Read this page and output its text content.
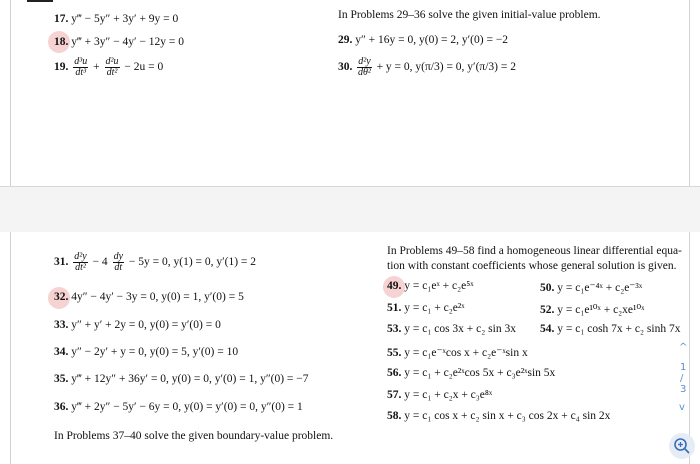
17. y‴ − 5y″ + 3y′ + 9y = 0
18. y‴ + 3y″ − 4y′ − 12y = 0
19. $\frac{\text{d³u}}{\text{dt³}} + \frac{\text{d²u}}{\text{dt²}} - 2u = 0$
In Problems 29–36 solve the given initial-value problem.
29. y″ + 16y = 0, y(0) = 2, y′(0) = −2
30. $\frac{\text{d²y}}{\text{dθ²}} + y = 0$, y(π/3) = 0, y′(π/3) = 2
31. $\frac{\text{d²y}}{\text{dt²}} - 4 \frac{dy}{dt} - 5y = 0$, y(1) = 0, y′(1) = 2
32. 4y″ − 4y′ − 3y = 0, y(0) = 1, y′(0) = 5
33. y″ + y′ + 2y = 0, y(0) = y′(0) = 0
34. y″ − 2y′ + y = 0, y(0) = 5, y′(0) = 10
35. y‴ + 12y″ + 36y′ = 0, y(0) = 0, y′(0) = 1, y″(0) = −7
36. y‴ + 2y″ − 5y′ − 6y = 0, y(0) = y′(0) = 0, y″(0) = 1
In Problems 37–40 solve the given boundary-value problem.
In Problems 49–58 find a homogeneous linear differential equa-
tion with constant coefficients whose general solution is given.
49. y = c₁eˣ + c₂e⁵ˣ	50. y = c₁e⁻⁴ˣ + c₂e⁻³ˣ
51. y = c₁ + c₂e²ˣ	52. y = c₁e¹⁰ˣ + c₂xe¹⁰ˣ
53. y = c₁ cos 3x + c₂ sin 3x 54. y = c₁ cosh 7x + c₂ sinh 7x
55. y = c₁e⁻ˣcos x + c₂e⁻ˣsin x
56. y = c₁ + c₂e²ˣcos 5x + c₃e²ˣsin 5x
57. y = c₁ + c₂x + c₃e⁸ˣ
58. y = c₁ cos x + c₂ sin x + c₃ cos 2x + c₄ sin 2x
^
1
/
3
v
